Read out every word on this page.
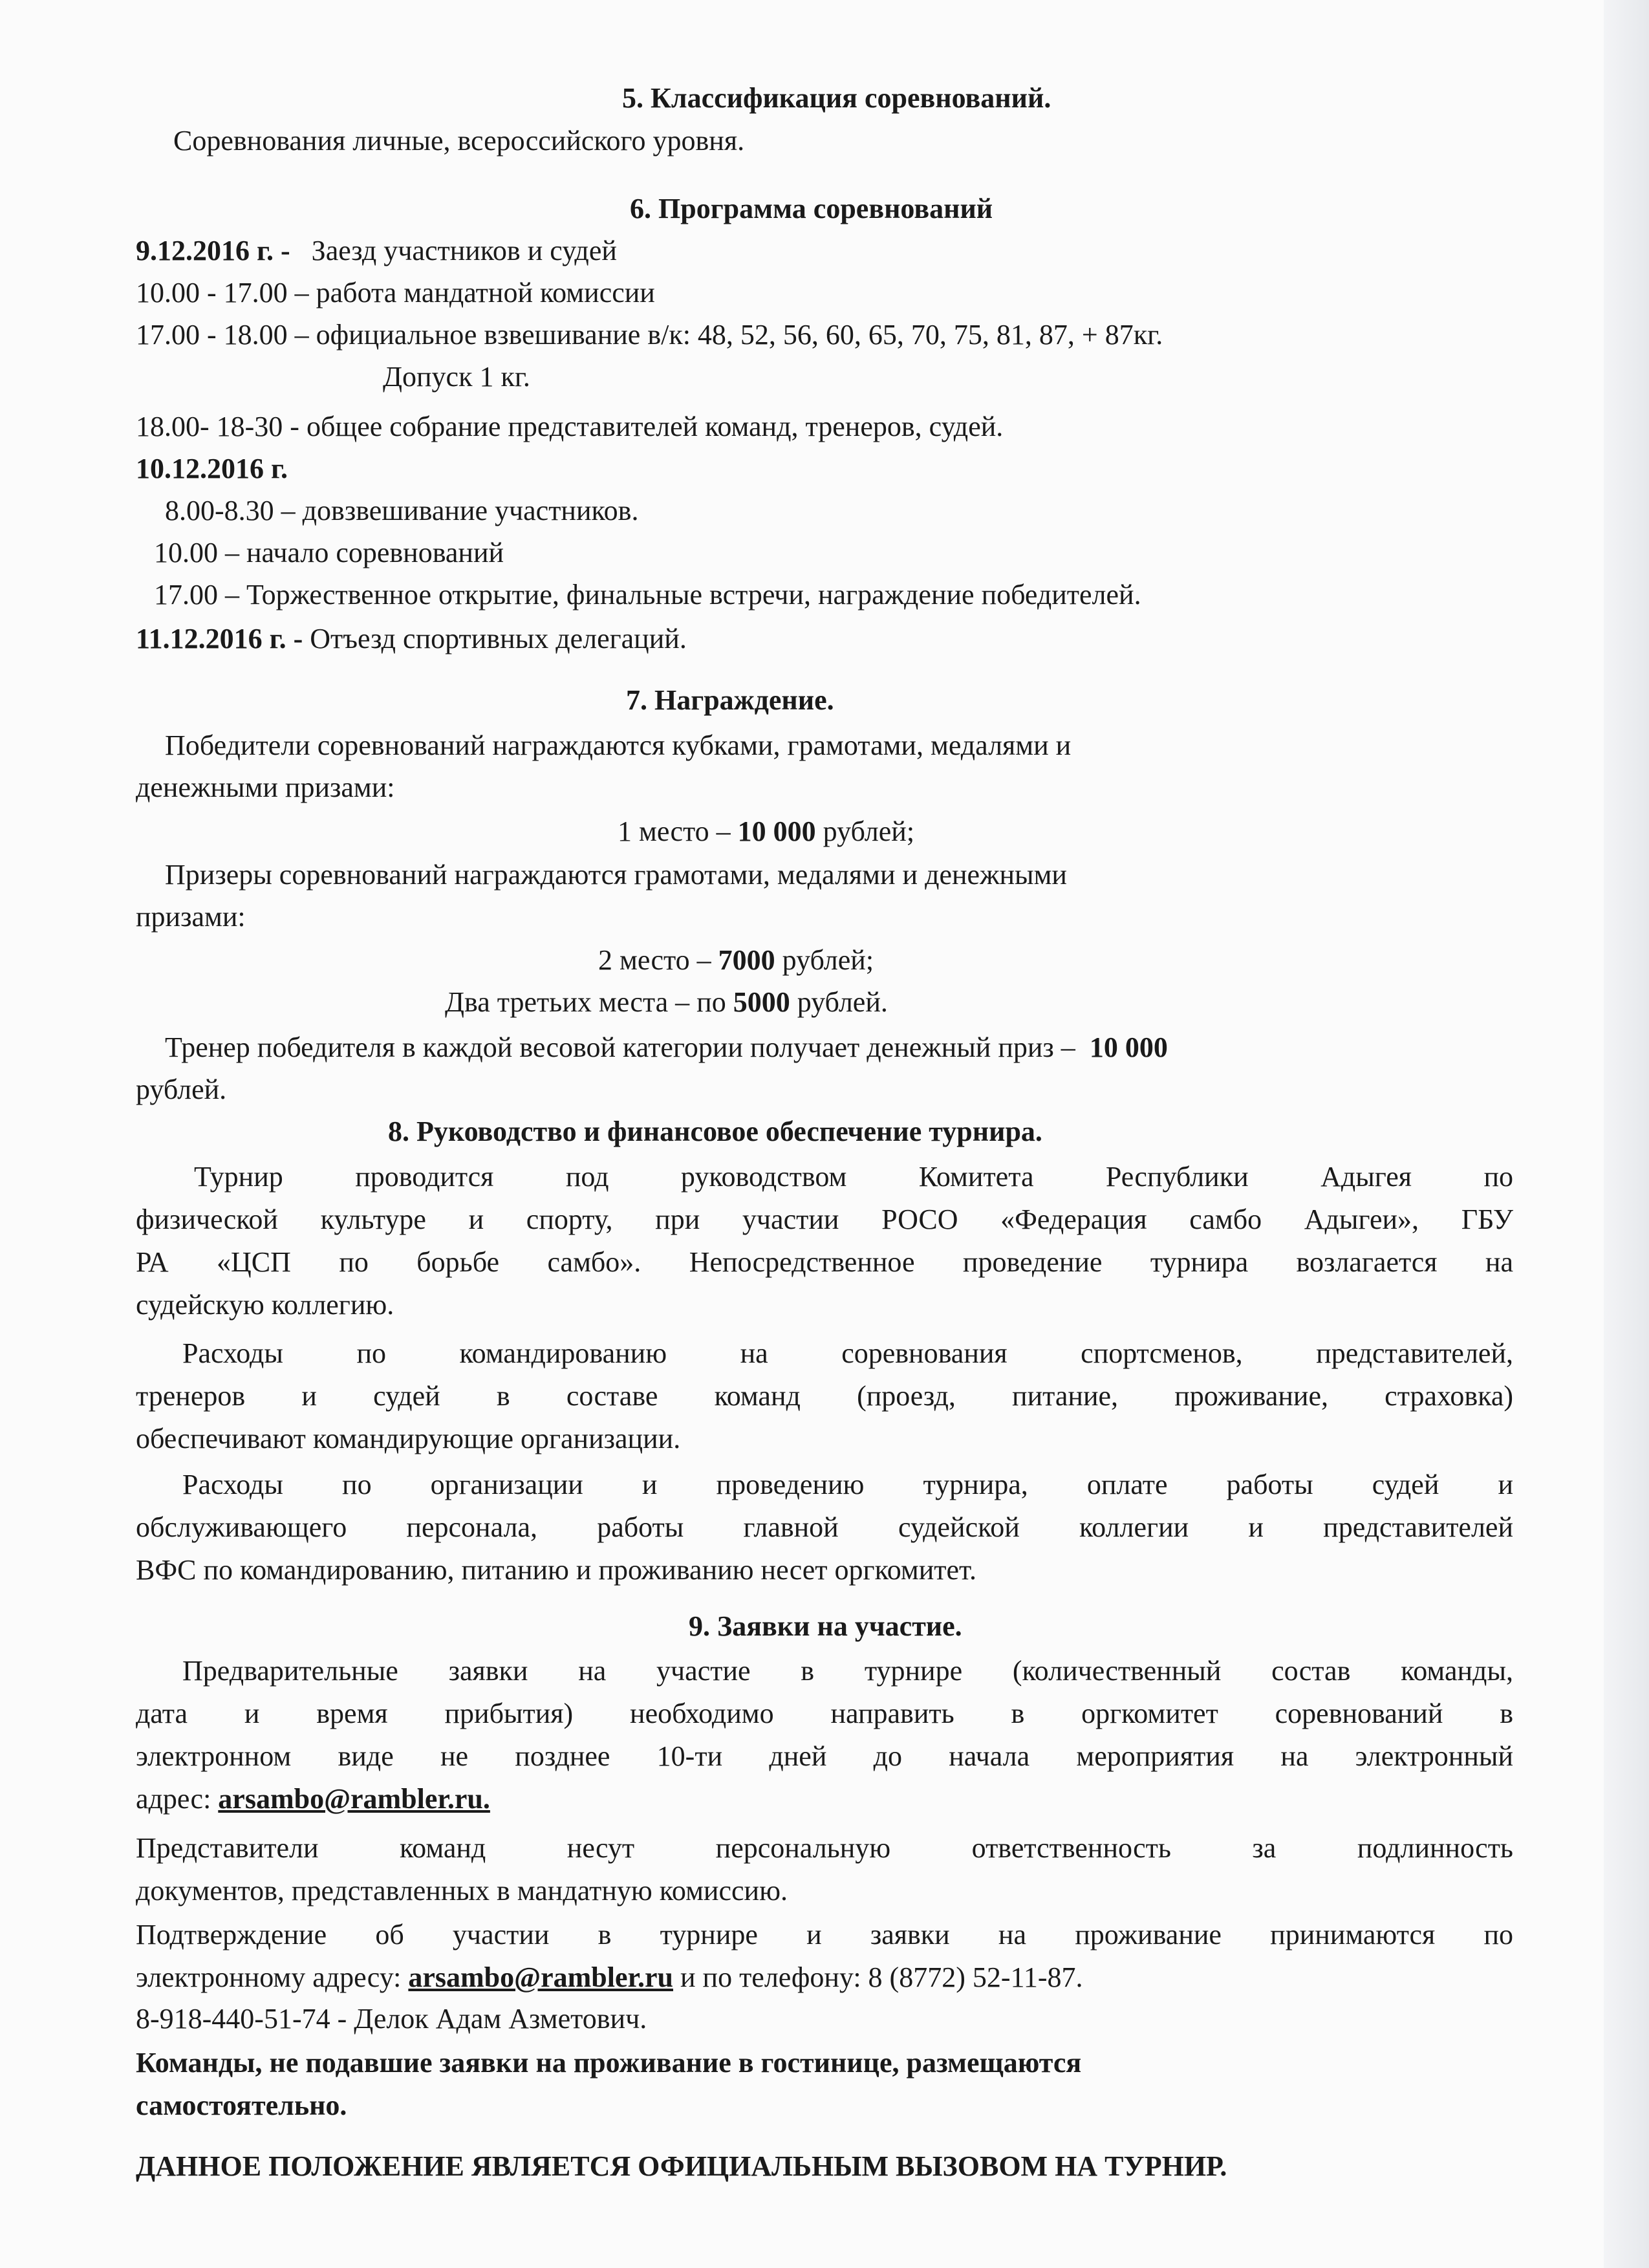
5. Классификация соревнований.
Соревнования личные, всероссийского уровня.
6. Программа соревнований
9.12.2016 г. - Заезд участников и судей
10.00 - 17.00 – работа мандатной комиссии
17.00 - 18.00 – официальное взвешивание в/к: 48, 52, 56, 60, 65, 70, 75, 81, 87, + 87кг.
Допуск 1 кг.
18.00- 18-30 - общее собрание представителей команд, тренеров, судей.
10.12.2016 г.
8.00-8.30 – довзвешивание участников.
10.00 – начало соревнований
17.00 – Торжественное открытие, финальные встречи, награждение победителей.
11.12.2016 г. - Отъезд спортивных делегаций.
7. Награждение.
Победители соревнований награждаются кубками, грамотами, медалями и
денежными призами:
1 место – 10 000 рублей;
Призеры соревнований награждаются грамотами, медалями и денежными
призами:
2 место – 7000 рублей;
Два третьих места – по 5000 рублей.
Тренер победителя в каждой весовой категории получает денежный приз – 10 000
рублей.
8. Руководство и финансовое обеспечение турнира.
Турнир проводится под руководством Комитета Республики Адыгея по
физической культуре и спорту, при участии РОСО «Федерация самбо Адыгеи», ГБУ
РА «ЦСП по борьбе самбо». Непосредственное проведение турнира возлагается на
судейскую коллегию.
Расходы по командированию на соревнования спортсменов, представителей,
тренеров и судей в составе команд (проезд, питание, проживание, страховка)
обеспечивают командирующие организации.
Расходы по организации и проведению турнира, оплате работы судей и
обслуживающего персонала, работы главной судейской коллегии и представителей
ВФС по командированию, питанию и проживанию несет оргкомитет.
9. Заявки на участие.
Предварительные заявки на участие в турнире (количественный состав команды,
дата и время прибытия) необходимо направить в оргкомитет соревнований в
электронном виде не позднее 10-ти дней до начала мероприятия на электронный
адрес: arsambo@rambler.ru.
Представители команд несут персональную ответственность за подлинность
документов, представленных в мандатную комиссию.
Подтверждение об участии в турнире и заявки на проживание принимаются по
электронному адресу: arsambo@rambler.ru и по телефону: 8 (8772) 52-11-87.
8-918-440-51-74 - Делок Адам Азметович.
Команды, не подавшие заявки на проживание в гостинице, размещаются
самостоятельно.
ДАННОЕ ПОЛОЖЕНИЕ ЯВЛЯЕТСЯ ОФИЦИАЛЬНЫМ ВЫЗОВОМ НА ТУРНИР.
